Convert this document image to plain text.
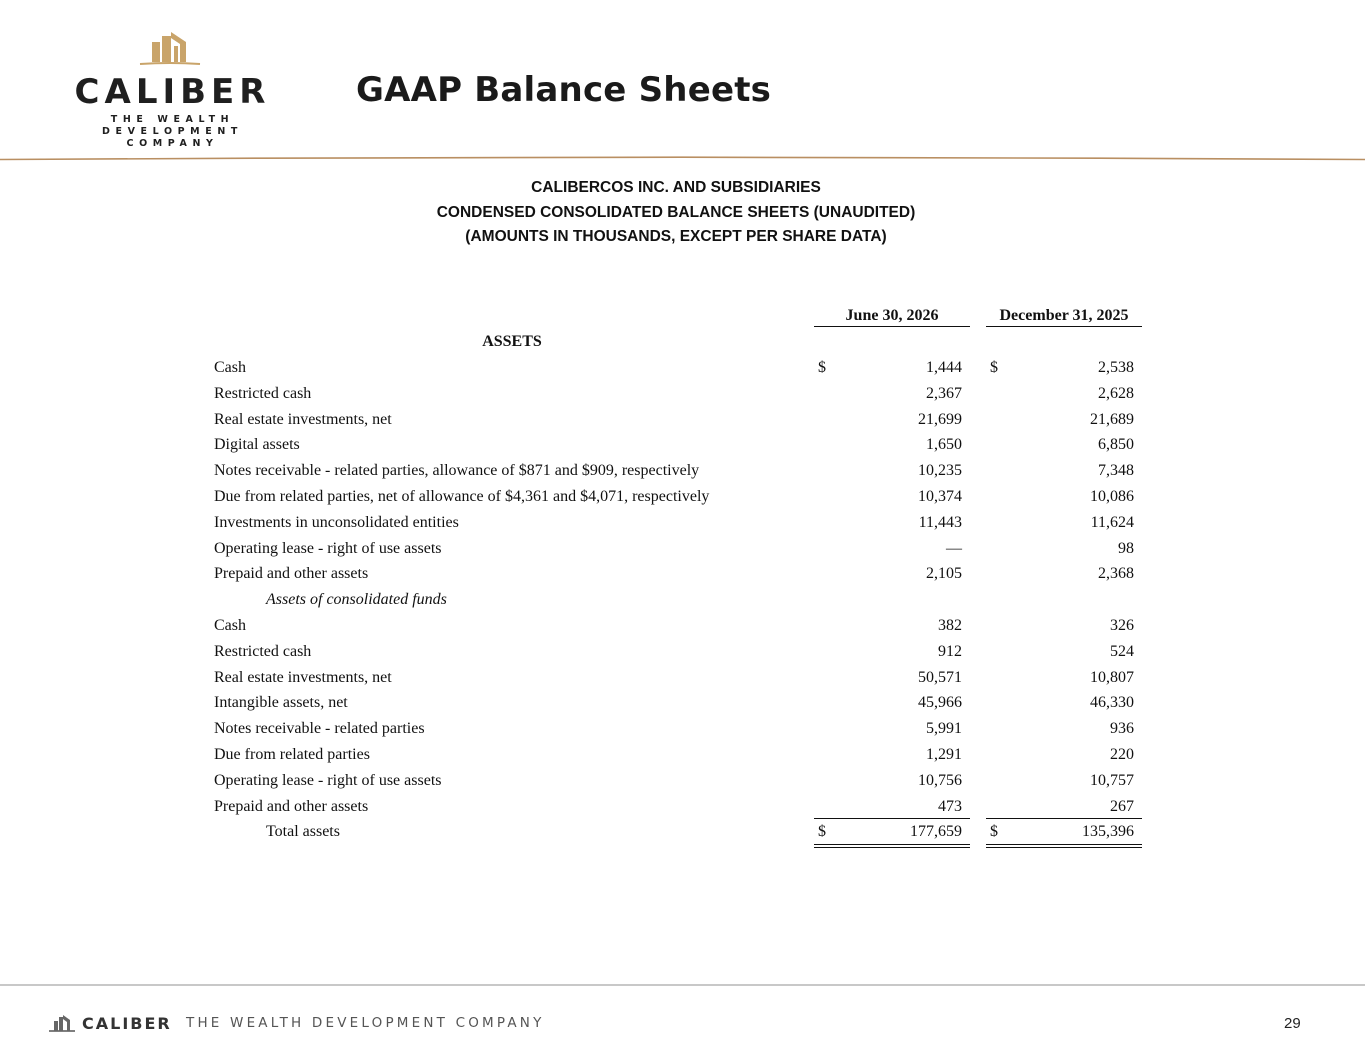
CALIBER
THE WEALTH DEVELOPMENT
COMPANY
GAAP Balance Sheets
CALIBERCOS INC. AND SUBSIDIARIES
CONDENSED CONSOLIDATED BALANCE SHEETS (UNAUDITED)
(AMOUNTS IN THOUSANDS, EXCEPT PER SHARE DATA)
June 30, 2026	December 31, 2025
ASSETS
Cash	$	1,444 $	2,538
Restricted cash	2,367	2,628
Real estate investments, net	21,699	21,689
Digital assets	1,650	6,850
Notes receivable - related parties, allowance of $871 and $909, respectively	10,235	7,348
Due from related parties, net of allowance of $4,361 and $4,071, respectively	10,374	10,086
Investments in unconsolidated entities	11,443	11,624
Operating lease - right of use assets	—	98
Prepaid and other assets	2,105	2,368
Assets of consolidated funds
Cash	382	326
Restricted cash	912	524
Real estate investments, net	50,571	10,807
Intangible assets, net	45,966	46,330
Notes receivable - related parties	5,991	936
Due from related parties	1,291	220
Operating lease - right of use assets	10,756	10,757
Prepaid and other assets	473	267
Total assets	$	177,659 $	135,396
CALIBER THE WEALTH DEVELOPMENT COMPANY	29
